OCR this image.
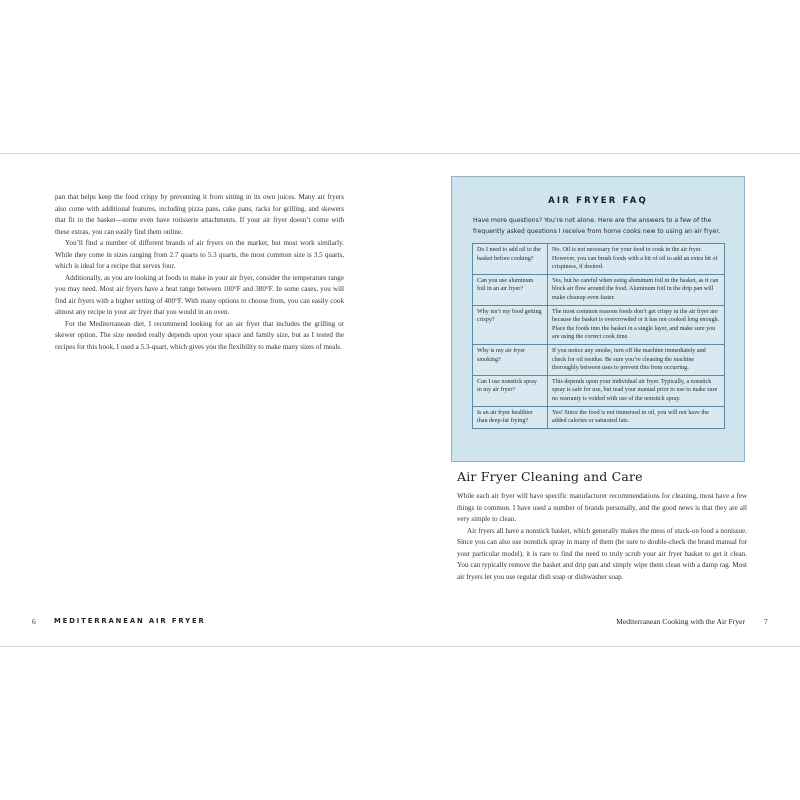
pan that helps keep the food crispy by preventing it from sitting in its own juices. Many air fryers also come with additional features, including pizza pans, cake pans, racks for grilling, and skewers that fit in the basket—some even have rotisserie attachments. If your air fryer doesn’t come with these extras, you can easily find them online.

You’ll find a number of different brands of air fryers on the market, but most work similarly. While they come in sizes ranging from 2.7 quarts to 5.3 quarts, the most common size is 3.5 quarts, which is ideal for a recipe that serves four.

Additionally, as you are looking at foods to make in your air fryer, consider the temperature range you may need. Most air fryers have a heat range between 100°F and 380°F. In some cases, you will find air fryers with a higher setting of 400°F. With many options to choose from, you can easily cook almost any recipe in your air fryer that you would in an oven.

For the Mediterranean diet, I recommend looking for an air fryer that includes the grilling or skewer option. The size needed really depends upon your space and family size, but as I tested the recipes for this book, I used a 5.3-quart, which gives you the flexibility to make many sizes of meals.

AIR FRYER FAQ
Have more questions? You’re not alone. Here are the answers to a few of the frequently asked questions I receive from home cooks new to using an air fryer.
Do I need to add oil to the basket before cooking?	No. Oil is not necessary for your food to cook in the air fryer. However, you can brush foods with a bit of oil to add an extra bit of crispiness, if desired.
Can you use aluminum foil in an air fryer?	Yes, but be careful when using aluminum foil in the basket, as it can block air flow around the food. Aluminum foil in the drip pan will make cleanup even faster.
Why isn’t my food getting crispy?	The most common reasons foods don’t get crispy in the air fryer are because the basket is overcrowded or it has not cooked long enough. Place the foods into the basket in a single layer, and make sure you are using the correct cook time.
Why is my air fryer smoking?	If you notice any smoke, turn off the machine immediately and check for oil residue. Be sure you’re cleaning the machine thoroughly between uses to prevent this from occurring.
Can I use nonstick spray in my air fryer?	This depends upon your individual air fryer. Typically, a nonstick spray is safe for use, but read your manual prior to use to make sure no warranty is voided with use of the nonstick spray.
Is an air fryer healthier than deep-fat frying?	Yes! Since the food is not immersed in oil, you will not have the added calories or saturated fats.
Air Fryer Cleaning and Care

While each air fryer will have specific manufacturer recommendations for cleaning, most have a few things in common. I have used a number of brands personally, and the good news is that they are all very simple to clean.

Air fryers all have a nonstick basket, which generally makes the mess of stuck-on food a nonissue. Since you can also use nonstick spray in many of them (be sure to double-check the brand manual for your particular model), it is rare to find the need to truly scrub your air fryer basket to get it clean. You can typically remove the basket and drip pan and simply wipe them clean with a damp rag. Most air fryers let you use regular dish soap or dishwasher soap.

6	MEDITERRANEAN AIR FRYER	Mediterranean Cooking with the Air Fryer	7
